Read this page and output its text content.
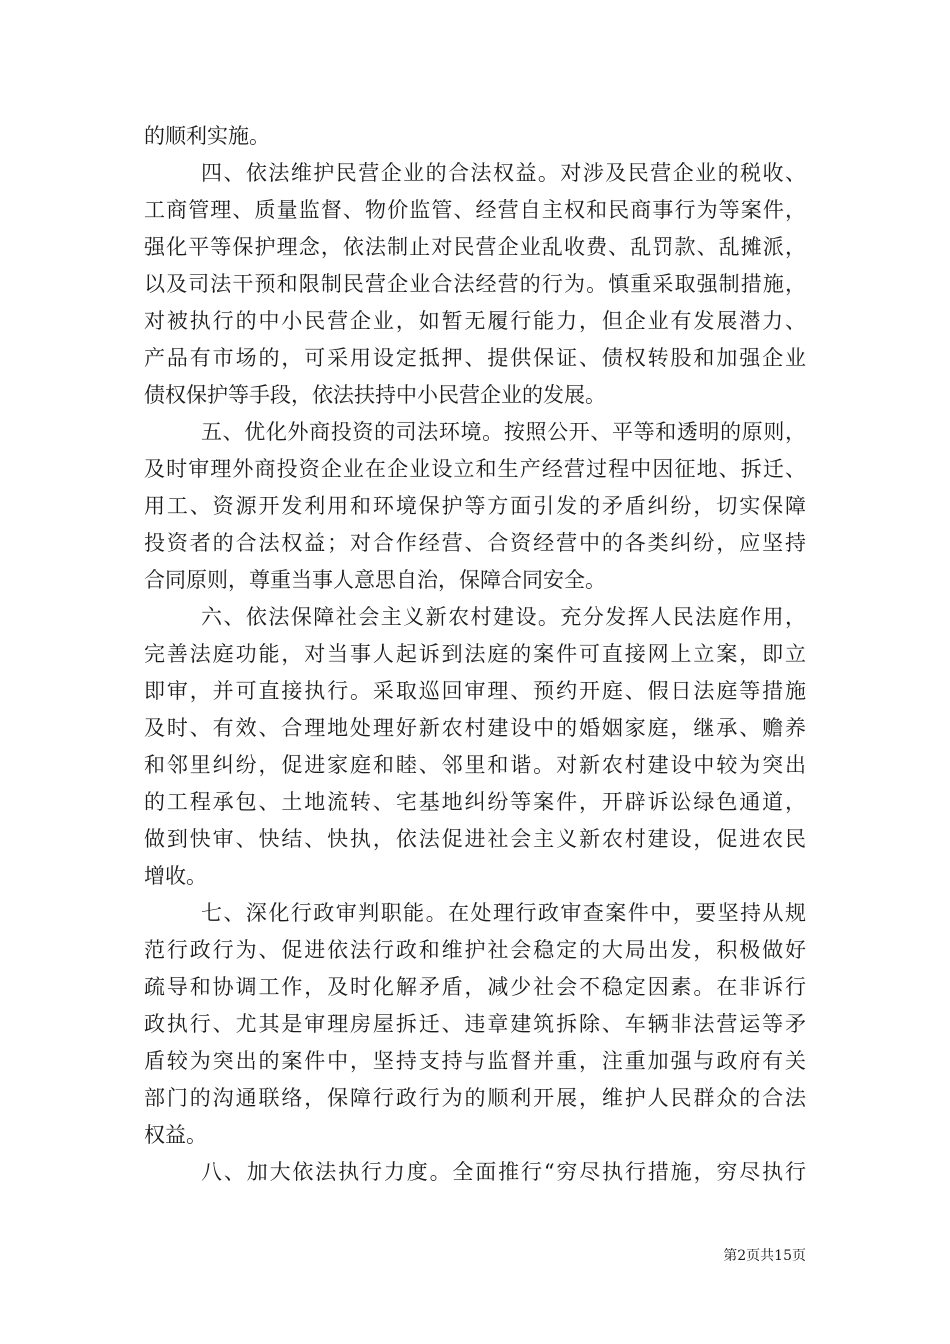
的顺利实施。
四、依法维护民营企业的合法权益。对涉及民营企业的税收、
工商管理、质量监督、物价监管、经营自主权和民商事行为等案件，
强化平等保护理念，依法制止对民营企业乱收费、乱罚款、乱摊派，
以及司法干预和限制民营企业合法经营的行为。慎重采取强制措施，
对被执行的中小民营企业，如暂无履行能力，但企业有发展潜力、
产品有市场的，可采用设定抵押、提供保证、债权转股和加强企业
债权保护等手段，依法扶持中小民营企业的发展。
五、优化外商投资的司法环境。按照公开、平等和透明的原则，
及时审理外商投资企业在企业设立和生产经营过程中因征地、拆迁、
用工、资源开发利用和环境保护等方面引发的矛盾纠纷，切实保障
投资者的合法权益；对合作经营、合资经营中的各类纠纷，应坚持
合同原则，尊重当事人意思自治，保障合同安全。
六、依法保障社会主义新农村建设。充分发挥人民法庭作用，
完善法庭功能，对当事人起诉到法庭的案件可直接网上立案，即立
即审，并可直接执行。采取巡回审理、预约开庭、假日法庭等措施
及时、有效、合理地处理好新农村建设中的婚姻家庭，继承、赡养
和邻里纠纷，促进家庭和睦、邻里和谐。对新农村建设中较为突出
的工程承包、土地流转、宅基地纠纷等案件，开辟诉讼绿色通道，
做到快审、快结、快执，依法促进社会主义新农村建设，促进农民
增收。
七、深化行政审判职能。在处理行政审查案件中，要坚持从规
范行政行为、促进依法行政和维护社会稳定的大局出发，积极做好
疏导和协调工作，及时化解矛盾，减少社会不稳定因素。在非诉行
政执行、尤其是审理房屋拆迁、违章建筑拆除、车辆非法营运等矛
盾较为突出的案件中，坚持支持与监督并重，注重加强与政府有关
部门的沟通联络，保障行政行为的顺利开展，维护人民群众的合法
权益。
八、加大依法执行力度。全面推行“穷尽执行措施，穷尽执行
第2页共15页
